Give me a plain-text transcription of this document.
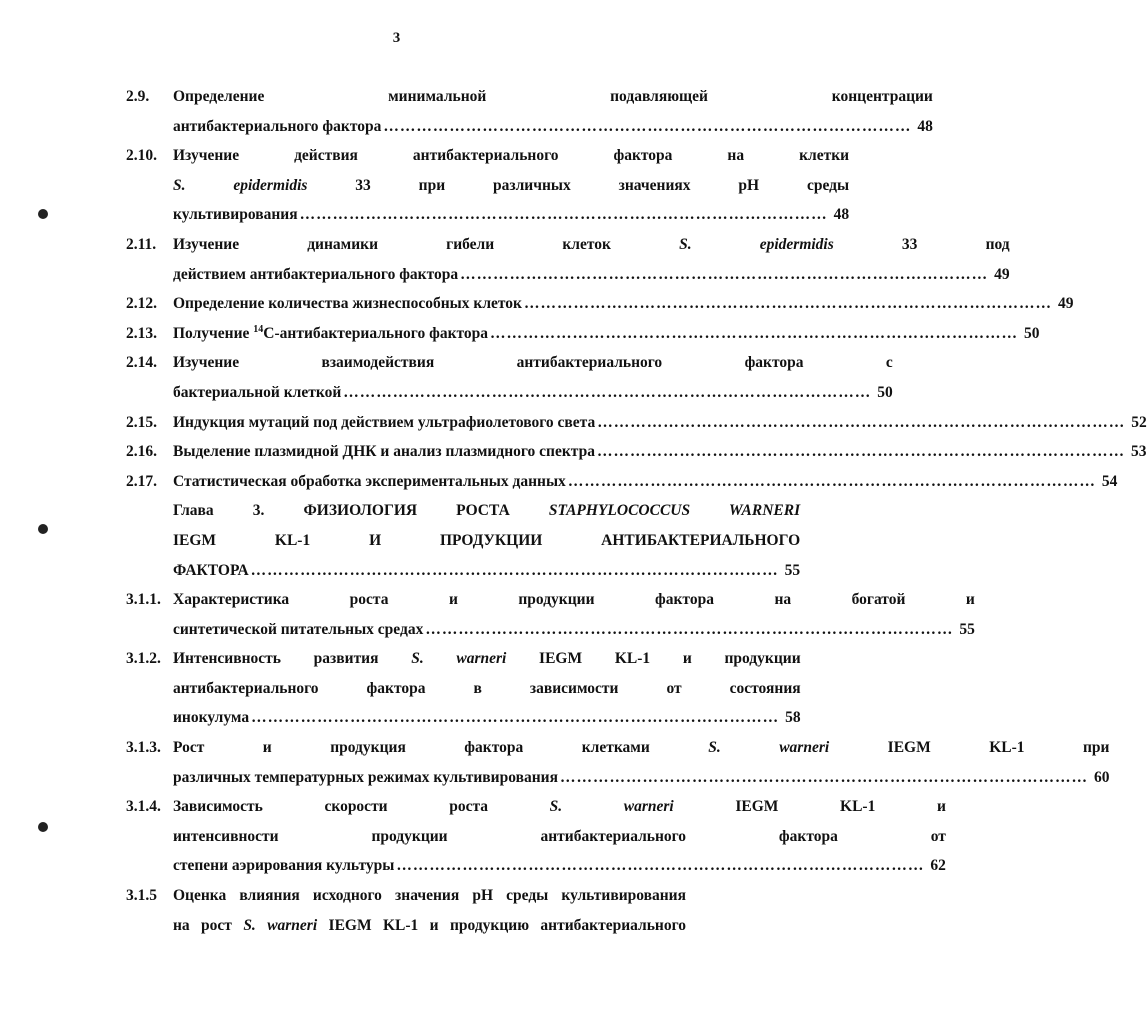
3
2.9.	Определение минимальной подавляющей концентрации
антибактериального фактора …………………………………………………………………………………… 48
2.10.	Изучение действия антибактериального фактора на клетки
S. epidermidis 33 при различных значениях pH среды
культивирования …………………………………………………………………………………… 48
2.11.	Изучение динамики гибели клеток S. epidermidis 33 под
действием антибактериального фактора …………………………………………………………………………………… 49
2.12.	Определение количества жизнеспособных клеток …………………………………………………………………………………… 49
2.13.	Получение $^{14}$C-антибактериального фактора …………………………………………………………………………………… 50
2.14.	Изучение взаимодействия антибактериального фактора с
бактериальной клеткой …………………………………………………………………………………… 50
2.15.	Индукция мутаций под действием ультрафиолетового света …………………………………………………………………………………… 52
2.16.	Выделение плазмидной ДНК и анализ плазмидного спектра …………………………………………………………………………………… 53
2.17.	Статистическая обработка экспериментальных данных …………………………………………………………………………………… 54
Глава 3. ФИЗИОЛОГИЯ РОСТА STAPHYLOCOCCUS WARNERI
IEGM KL-1 И ПРОДУКЦИИ АНТИБАКТЕРИАЛЬНОГО
ФАКТОРА …………………………………………………………………………………… 55
3.1.1. Характеристика роста и продукции фактора на богатой и
синтетической питательных средах …………………………………………………………………………………… 55
3.1.2. Интенсивность развития S. warneri IEGM KL-1 и продукции
антибактериального фактора в зависимости от состояния
инокулума …………………………………………………………………………………… 58
3.1.3. Рост и продукция фактора клетками S. warneri IEGM KL-1 при
различных температурных режимах культивирования …………………………………………………………………………………… 60
3.1.4. Зависимость скорости роста S. warneri IEGM KL-1 и
интенсивности продукции антибактериального фактора от
степени аэрирования культуры …………………………………………………………………………………… 62
3.1.5	Оценка влияния исходного значения pH среды культивирования
на рост S. warneri IEGM KL-1 и продукцию антибактериального
